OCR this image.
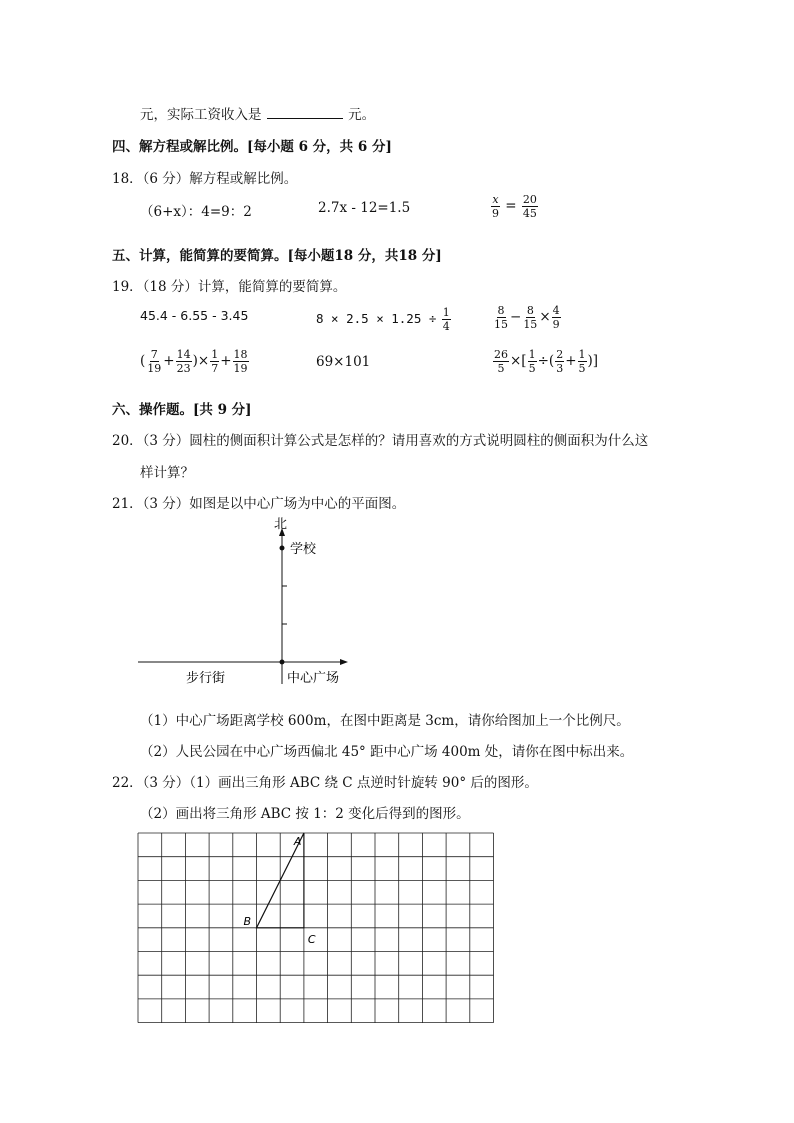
元，实际工资收入是	元。
四、解方程或解比例。[每小题 6 分，共 6 分]
18．（6 分）解方程或解比例。
（6+x）：4=9：2	2.7x - 12=1.5	$\frac{x}{9} = \frac{20}{45}$
五、计算，能简算的要简算。[每小题18 分，共18 分]
19．（18 分）计算，能简算的要简算。
45.4 - 6.55 - 3.45	$8 \times 2.5 \times 1.25 \div \frac{1}{4}$	$\frac{8}{15} - \frac{8}{15} \times \frac{4}{9}$
( $\frac{7}{19} + \frac{14}{23}$ )× $\frac{1}{7} + \frac{18}{19}$	69×101	$\frac{26}{5}$ ×[ $\frac{1}{5}$ ÷( $\frac{2}{3} + \frac{1}{5}$ )]
六、操作题。[共 9 分]
20．（3 分）圆柱的侧面积计算公式是怎样的？请用喜欢的方式说明圆柱的侧面积为什么这
样计算？
21．（3 分）如图是以中心广场为中心的平面图。
北
学校
步行街	中心广场
（1）中心广场距离学校 600m，在图中距离是 3cm，请你给图加上一个比例尺。
（2）人民公园在中心广场西偏北 45° 距中心广场 400m 处，请你在图中标出来。
22．（3 分）（1）画出三角形 ABC 绕 C 点逆时针旋转 90° 后的图形。
（2）画出将三角形 ABC 按 1：2 变化后得到的图形。
A
B
C
